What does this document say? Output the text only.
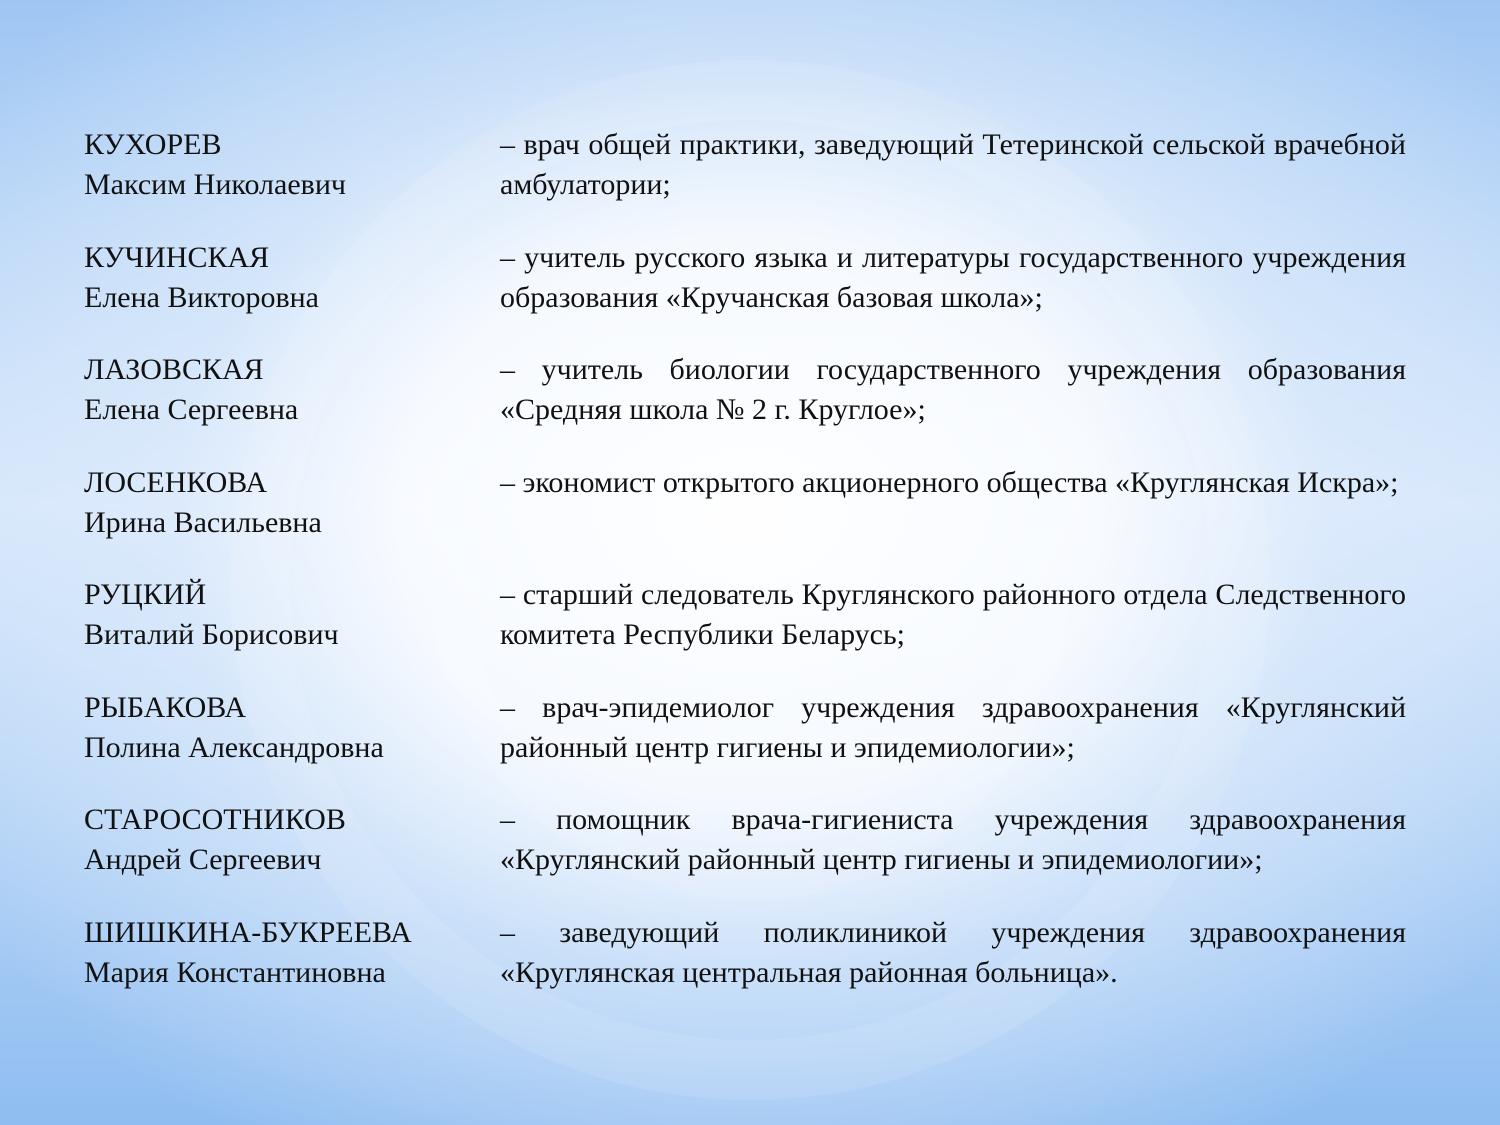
КУХОРЕВ
Максим Николаевич
– врач общей практики, заведующий Тетеринской сельской врачебной амбулатории;
КУЧИНСКАЯ
Елена Викторовна
– учитель русского языка и литературы государственного учреждения образования «Кручанская базовая школа»;
ЛАЗОВСКАЯ
Елена Сергеевна
– учитель биологии государственного учреждения образования «Средняя школа № 2 г. Круглое»;
ЛОСЕНКОВА
Ирина Васильевна
– экономист открытого акционерного общества «Круглянская Искра»;
РУЦКИЙ
Виталий Борисович
– старший следователь Круглянского районного отдела Следственного комитета Республики Беларусь;
РЫБАКОВА
Полина Александровна
– врач-эпидемиолог учреждения здравоохранения «Круглянский районный центр гигиены и эпидемиологии»;
СТАРОСОТНИКОВ
Андрей Сергеевич
– помощник врача-гигиениста учреждения здравоохранения «Круглянский районный центр гигиены и эпидемиологии»;
ШИШКИНА-БУКРЕЕВА
Мария Константиновна
– заведующий поликлиникой учреждения здравоохранения «Круглянская центральная районная больница».
